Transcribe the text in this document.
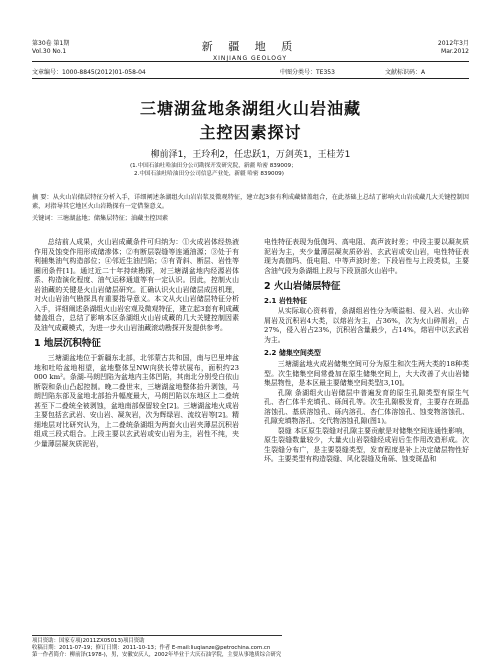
第30卷 第1期
Vol.30 No.1	新 疆 地 质
XINJIANG GEOLOGY
2012年3月
Mar.2012
文章编号：1000-8845(2012)01-058-04	中图分类号：TE353	文献标识码：A
三塘湖盆地条湖组火山岩油藏
主控因素探讨
柳前泽1，王玲利2，任忠跃1，万剑英1，王桂芳1
(1.中国石油吐哈油田分公司勘探开发研究院，新疆 哈密 839009；
2.中国石油吐哈油田分公司信息产业处，新疆 哈密 839009)
摘 要：从火山岩储层特征分析入手，详细阐述条湖组火山岩岩浆及微观特征，建立起3套有利成藏储盖组合，在此基础上总结了影响火山岩成藏几大关键控制因素，对指导其它地区火山岩勘探有一定借鉴意义。
关键词：三塘湖盆地；储集层特征；油藏主控因素

总结前人成果，火山岩成藏条件可归纳为：①火成岩体经热液作用及蚀变作用形成储渗体；②有断层裂缝等连通油源；③处于有利捕集油气构造部位；④邻近生油凹陷；⑤有背斜、断层、岩性等圈闭条件[1]。通过近二十年持续勘探，对三塘湖盆地内经源岩体系、构造演化程度、油气运移通道等有一定认识。因此，控制火山岩油藏的关键是火山岩储层研究。汇确认识火山岩储层成因机理，对火山岩油气勘探具有重要指导意义。本文从火山岩储层特征分析入手，详细阐述条湖组火山岩宏观及微观特征，建立起3套有利成藏储盖组合，总结了影响本区条湖组火山岩成藏的几大关键控制因素及油气成藏模式，为进一步火山岩油藏滚动勘探开发提供参考。

1 地层沉积特征

三塘湖盆地位于新疆东北部，北邻蒙古共和国，南与巴里坤盆地和吐哈盆地相望，盆地整体呈NW向狭长带状展布，面积约23 000 km²。条湖-马朗凹陷为盆地内主体凹陷，其南北分别受白依山断裂和条山凸起控制。晚二叠世末，三塘湖盆地整体抬升剥蚀，马朗凹陷东部及盆地北部抬升幅度最大，马朗凹陷以东地区上二叠统甚至下二叠统全被剥蚀，盆地南部保留较全[2]。三塘湖盆地火成岩主要包括玄武岩、安山岩、凝灰岩，次为辉绿岩、流纹岩等[2]。精细地层对比研究认为，上二叠统条湖组为两套火山岩夹薄层沉积岩组成三段式组合。上段主要以玄武岩或安山岩为主，岩性不纯，夹少量薄层凝灰质泥岩，

电性特征表现为低伽玛、高电阻、高声波时差；中段主要以凝灰质泥岩为主，夹少量薄层凝灰质砂岩、玄武岩或安山岩，电性特征表现为高伽玛、低电阻、中等声波时差；下段岩性与上段类似，主要含油气段为条湖组上段与下段顶部火山岩中。

2 火山岩储层特征
2.1 岩性特征

从实际取心资料看，条湖组岩性分为喷溢相、侵入岩、火山碎屑岩及沉积岩4大类，以熔岩为主，占36%，次为火山碎屑岩，占27%，侵入岩占23%，沉积岩含量最少，占14%，熔岩中以玄武岩为主。

2.2 储集空间类型

三塘湖盆地火成岩储集空间可分为原生和次生两大类的18种类型。次生储集空间常叠加在原生储集空间上，大大改善了火山岩储集层物性，是本区最主要储集空间类型[3,10]。

孔隙 条湖组火山岩储层中普遍发育的原生孔隙类型有原生气孔、杏仁体半充填孔、砾间孔等。次生孔隙极发育，主要存在斑晶溶蚀孔、基质溶蚀孔、砾内溶孔、杏仁体溶蚀孔、蚀变物溶蚀孔、孔隙充填物溶孔、交代物溶蚀孔隙(图1)。

裂缝 本区原生裂缝对孔隙主要贡献是对储集空间连通性影响，原生裂缝数量较少，大量火山岩裂缝经成岩后生作用改造形成。次生裂缝分布广，是主要裂缝类型，发育程度是补上决定储层物性好坏。主要类型有构造裂缝、风化裂缝及角砾、蚀变斑晶和

项目资助：国家专项(2011ZX05013)项目资助
收稿日期：2011-07-19；修订日期：2011-10-13；作者 E-mail:liuqianze@petrochina.com.cn
第一作者简介：柳前泽(1978-)，男，安徽安庆人，2002年毕业于大庆石油学院，主要从事地质综合研究
